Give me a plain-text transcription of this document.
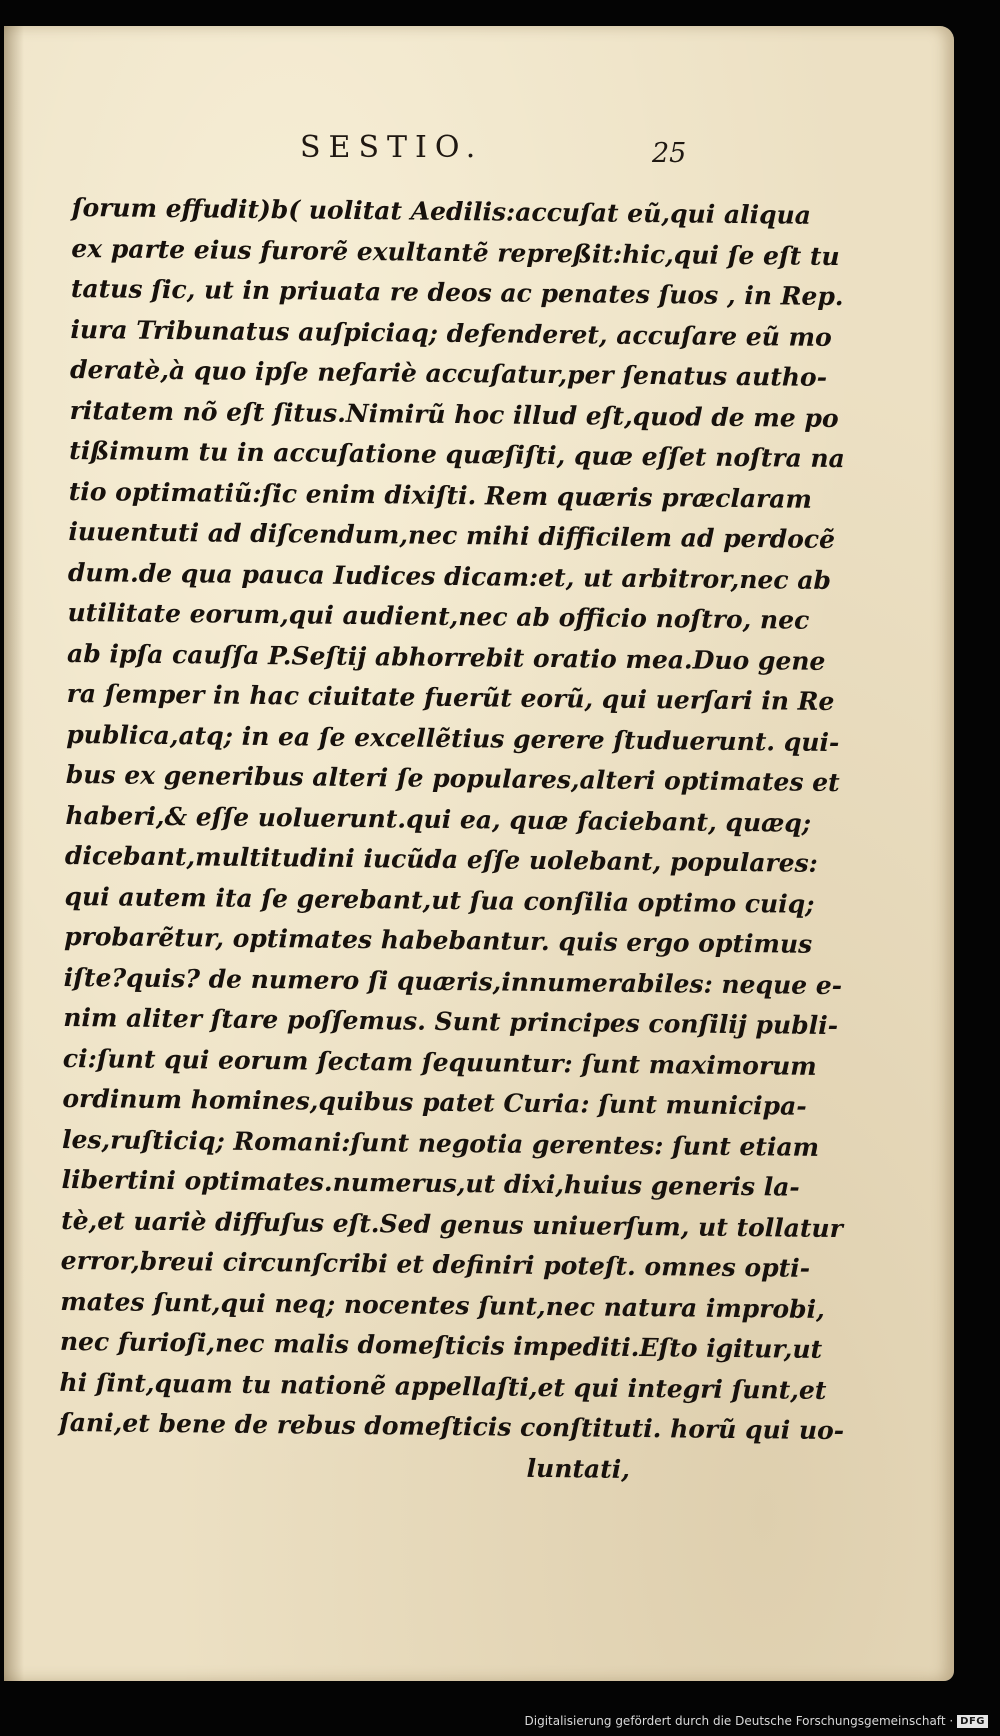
SESTIO.	25
ſorum effudit)b( uolitat Aedilis:accuſat eũ,qui aliqua
ex parte eius furorẽ exultantẽ repreßit:hic,qui ſe eſt tu
tatus ſic, ut in priuata re deos ac penates ſuos , in Rep.
iura Tribunatus auſpiciaq; defenderet, accuſare eũ mo
deratè,à quo ipſe nefariè accuſatur,per ſenatus autho-
ritatem nõ eſt ſitus.Nimirũ hoc illud eſt,quod de me po
tißimum tu in accuſatione quæſiſti, quæ eſſet noſtra na
tio optimatiũ:ſic enim dixiſti. Rem quæris præclaram
iuuentuti ad diſcendum,nec mihi difficilem ad perdocẽ
dum.de qua pauca Iudices dicam:et, ut arbitror,nec ab
utilitate eorum,qui audient,nec ab officio noſtro, nec
ab ipſa cauſſa P.Seſtij abhorrebit oratio mea.Duo gene
ra ſemper in hac ciuitate fuerũt eorũ, qui uerſari in Re
publica,atq; in ea ſe excellẽtius gerere ſtuduerunt. qui-
bus ex generibus alteri ſe populares,alteri optimates et
haberi,& eſſe uoluerunt.qui ea, quæ faciebant, quæq;
dicebant,multitudini iucũda eſſe uolebant, populares:
qui autem ita ſe gerebant,ut ſua conſilia optimo cuiq;
probarẽtur, optimates habebantur. quis ergo optimus
iſte?quis? de numero ſi quæris,innumerabiles: neque e-
nim aliter ſtare poſſemus. Sunt principes conſilij publi-
ci:ſunt qui eorum ſectam ſequuntur: ſunt maximorum
ordinum homines,quibus patet Curia: ſunt municipa-
les,ruſticiq; Romani:ſunt negotia gerentes: ſunt etiam
libertini optimates.numerus,ut dixi,huius generis la-
tè,et uariè diffuſus eſt.Sed genus uniuerſum, ut tollatur
error,breui circunſcribi et definiri poteſt. omnes opti-
mates ſunt,qui neq; nocentes ſunt,nec natura improbi,
nec furioſi,nec malis domeſticis impediti.Eſto igitur,ut
hi ſint,quam tu nationẽ appellaſti,et qui integri ſunt,et
ſani,et bene de rebus domeſticis conſtituti. horũ qui uo-
luntati,
Digitalisierung gefördert durch die Deutsche Forschungsgemeinschaft · DFG
